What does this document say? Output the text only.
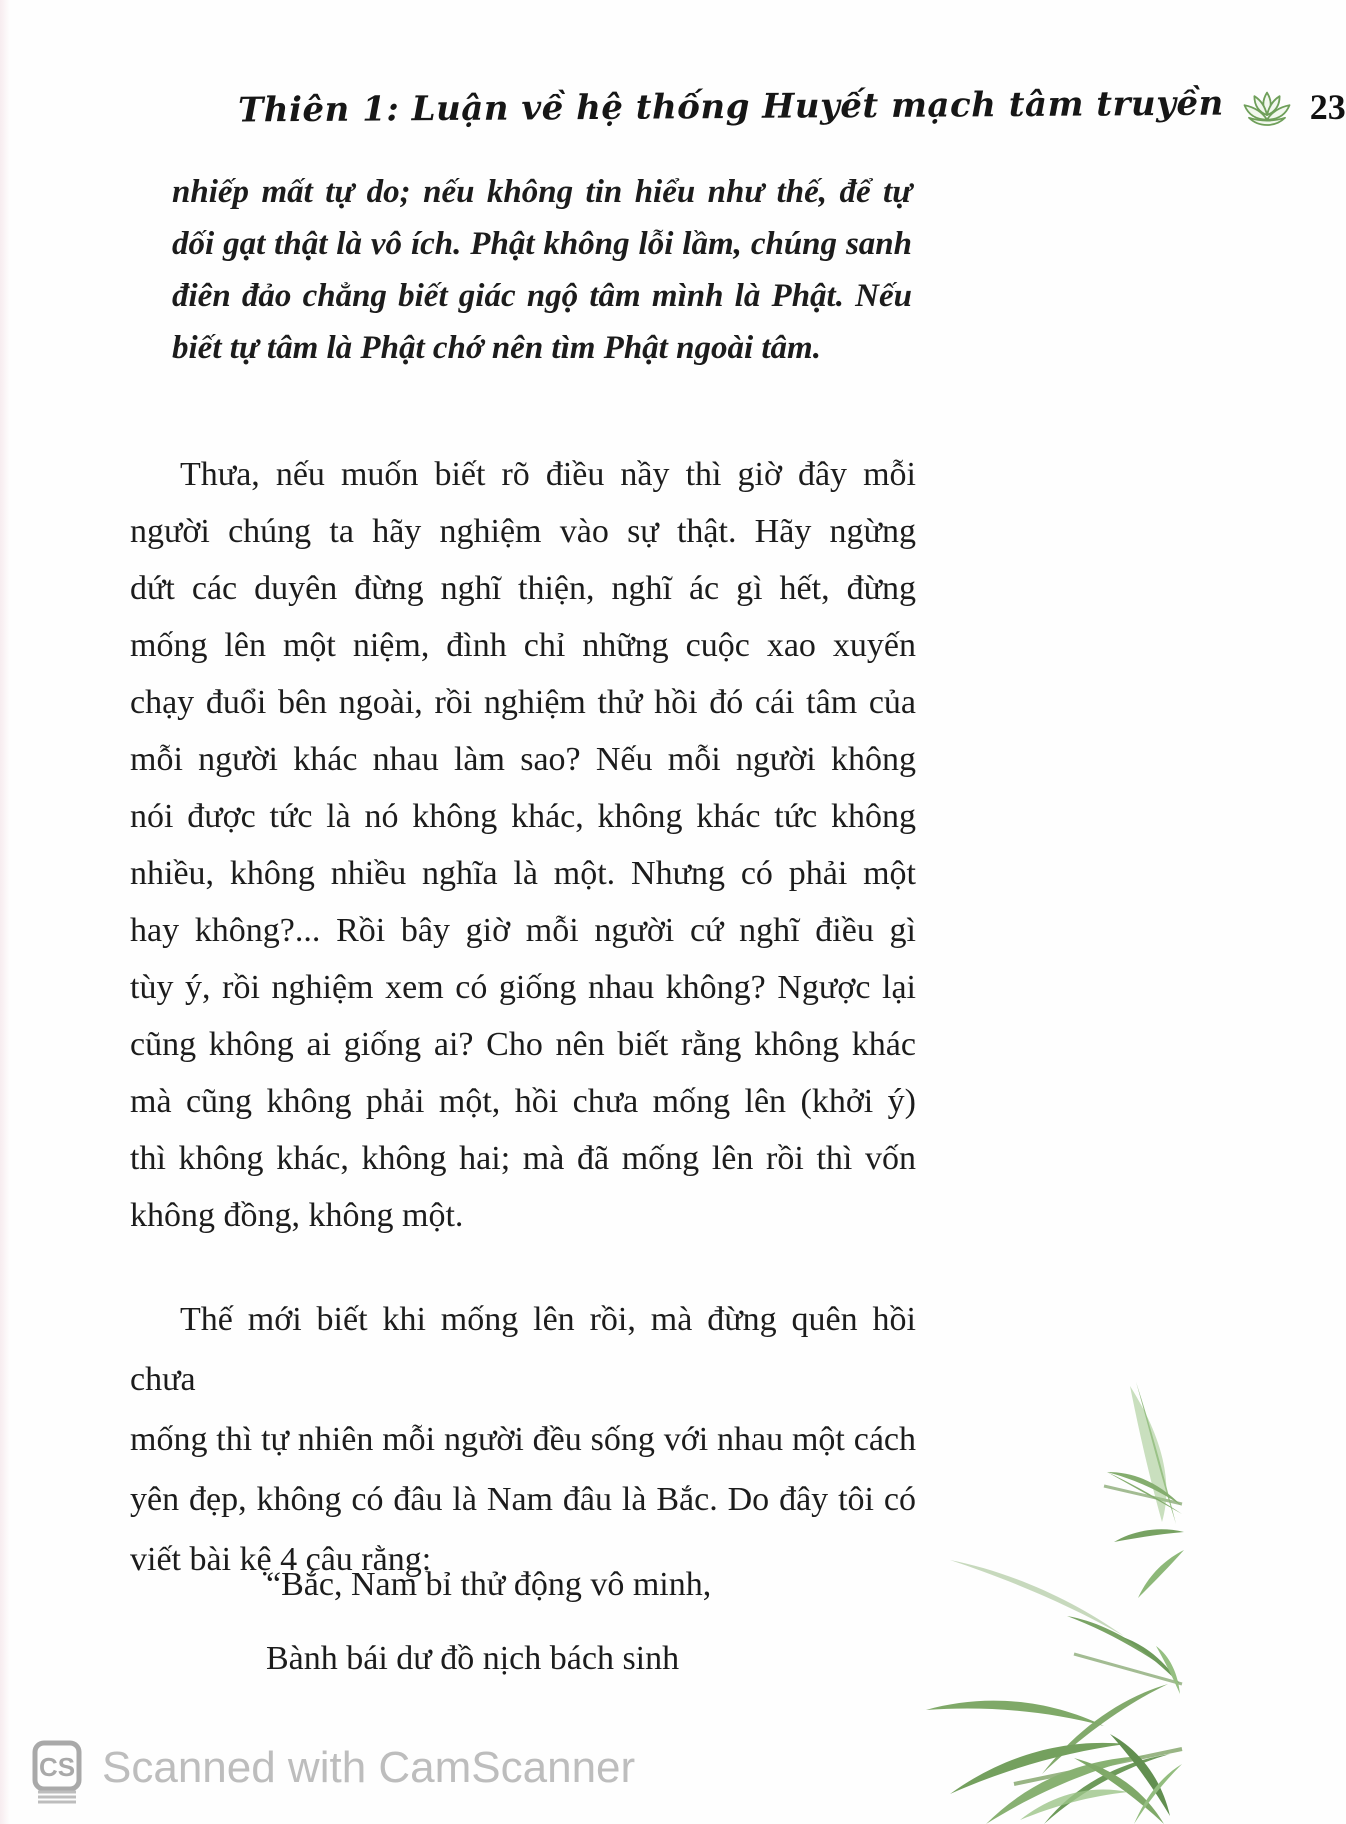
Thiên 1: Luận về hệ thống Huyết mạch tâm truyền 23
nhiếp mất tự do; nếu không tin hiểu như thế, để tự
dối gạt thật là vô ích. Phật không lỗi lầm, chúng sanh
điên đảo chẳng biết giác ngộ tâm mình là Phật. Nếu
biết tự tâm là Phật chớ nên tìm Phật ngoài tâm.
Thưa, nếu muốn biết rõ điều nầy thì giờ đây mỗi
người chúng ta hãy nghiệm vào sự thật. Hãy ngừng
dứt các duyên đừng nghĩ thiện, nghĩ ác gì hết, đừng
mống lên một niệm, đình chỉ những cuộc xao xuyến
chạy đuổi bên ngoài, rồi nghiệm thử hồi đó cái tâm của
mỗi người khác nhau làm sao? Nếu mỗi người không
nói được tức là nó không khác, không khác tức không
nhiều, không nhiều nghĩa là một. Nhưng có phải một
hay không?... Rồi bây giờ mỗi người cứ nghĩ điều gì
tùy ý, rồi nghiệm xem có giống nhau không? Ngược lại
cũng không ai giống ai? Cho nên biết rằng không khác
mà cũng không phải một, hồi chưa mống lên (khởi ý)
thì không khác, không hai; mà đã mống lên rồi thì vốn
không đồng, không một.
Thế mới biết khi mống lên rồi, mà đừng quên hồi chưa
mống thì tự nhiên mỗi người đều sống với nhau một cách
yên đẹp, không có đâu là Nam đâu là Bắc. Do đây tôi có
viết bài kệ 4 câu rằng:
“Bắc, Nam bỉ thử động vô minh,
Bành bái dư đồ nịch bách sinh
CS Scanned with CamScanner
